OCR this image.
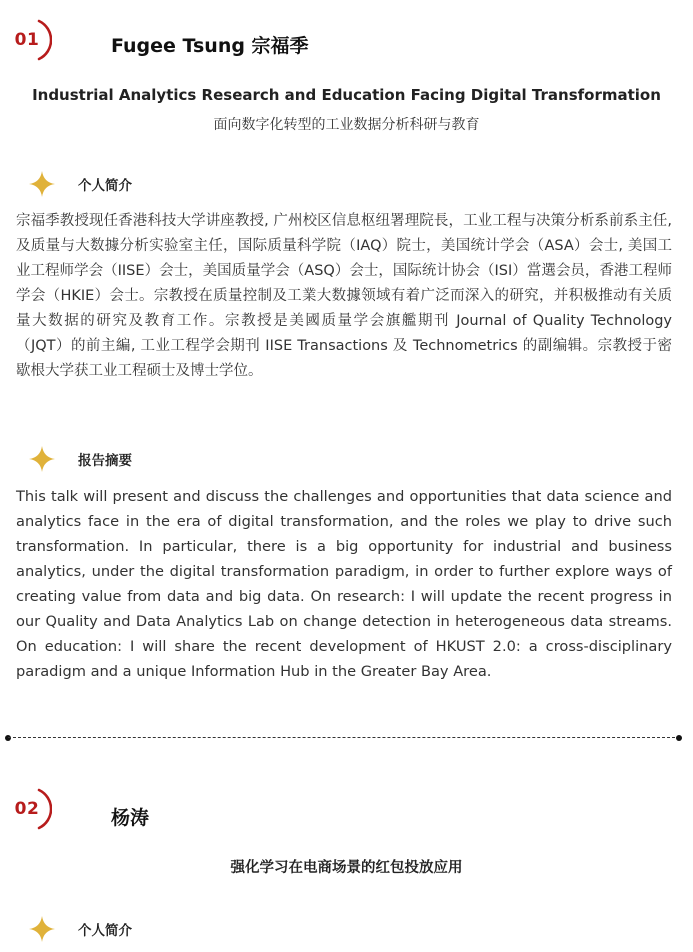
01	Fugee Tsung 宗福季
Industrial Analytics Research and Education Facing Digital Transformation
面向数字化转型的工业数据分析科研与教育
个人简介
宗福季教授现任香港科技大学讲座教授, 广州校区信息枢纽署理院長，工业工程与决策分析系前系主任, 及质量与大数據分析实验室主任，国际质量科学院（IAQ）院士，美国统计学会（ASA）会士, 美国工业工程师学会（IISE）会士，美国质量学会（ASQ）会士，国际统计协会（ISI）當選会员，香港工程师学会（HKIE）会士。宗教授在质量控制及工業大数據领域有着广泛而深入的研究，并积极推动有关质量大数据的研究及教育工作。宗教授是美國质量学会旗艦期刊 Journal of Quality Technology （JQT）的前主編, 工业工程学会期刊 IISE Transactions 及 Technometrics 的副编辑。宗教授于密歇根大学获工业工程硕士及博士学位。
报告摘要
This talk will present and discuss the challenges and opportunities that data science and analytics face in the era of digital transformation, and the roles we play to drive such transformation. In particular, there is a big opportunity for industrial and business analytics, under the digital transformation paradigm, in order to further explore ways of creating value from data and big data. On research: I will update the recent progress in our Quality and Data Analytics Lab on change detection in heterogeneous data streams. On education: I will share the recent development of HKUST 2.0: a cross-disciplinary paradigm and a unique Information Hub in the Greater Bay Area.
02	杨涛
强化学习在电商场景的红包投放应用
个人简介
